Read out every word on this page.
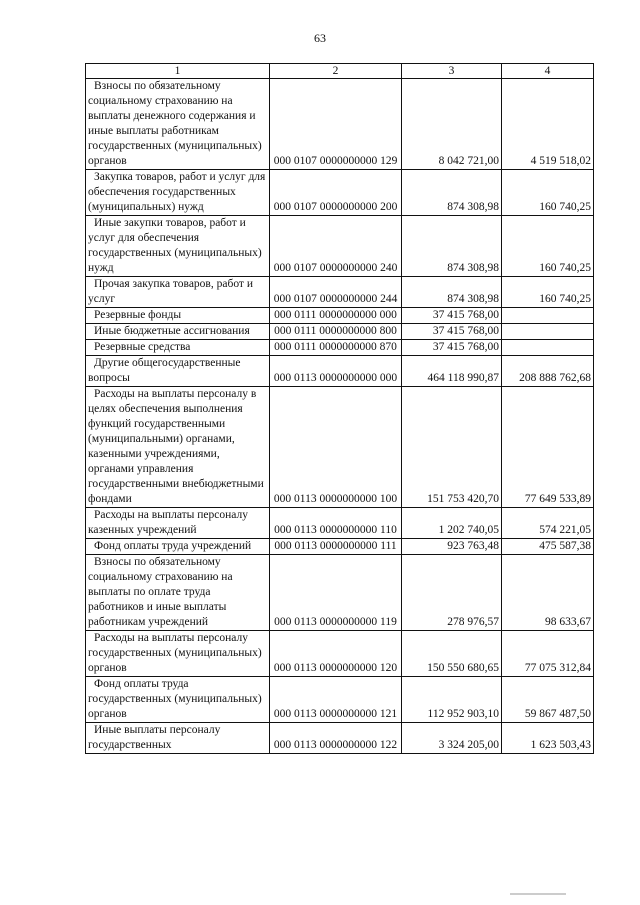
63
1	2	3	4

Взносы по обязательному социальному страхованию на выплаты денежного содержания и иные выплаты работникам государственных (муниципальных) органов	000 0107 0000000000 129	8 042 721,00	4 519 518,02

Закупка товаров, работ и услуг для обеспечения государственных (муниципальных) нужд	000 0107 0000000000 200	874 308,98	160 740,25

Иные закупки товаров, работ и услуг для обеспечения государственных (муниципальных) нужд	000 0107 0000000000 240	874 308,98	160 740,25

Прочая закупка товаров, работ и услуг	000 0107 0000000000 244	874 308,98	160 740,25

Резервные фонды	000 0111 0000000000 000	37 415 768,00	

Иные бюджетные ассигнования	000 0111 0000000000 800	37 415 768,00	

Резервные средства	000 0111 0000000000 870	37 415 768,00	

Другие общегосударственные вопросы	000 0113 0000000000 000	464 118 990,87	208 888 762,68

Расходы на выплаты персоналу в целях обеспечения выполнения функций государственными (муниципальными) органами, казенными учреждениями, органами управления государственными внебюджетными фондами	000 0113 0000000000 100	151 753 420,70	77 649 533,89

Расходы на выплаты персоналу казенных учреждений	000 0113 0000000000 110	1 202 740,05	574 221,05

Фонд оплаты труда учреждений	000 0113 0000000000 111	923 763,48	475 587,38

Взносы по обязательному социальному страхованию на выплаты по оплате труда работников и иные выплаты работникам учреждений	000 0113 0000000000 119	278 976,57	98 633,67

Расходы на выплаты персоналу государственных (муниципальных) органов	000 0113 0000000000 120	150 550 680,65	77 075 312,84

Фонд оплаты труда государственных (муниципальных) органов	000 0113 0000000000 121	112 952 903,10	59 867 487,50

Иные выплаты персоналу государственных	000 0113 0000000000 122	3 324 205,00	1 623 503,43
